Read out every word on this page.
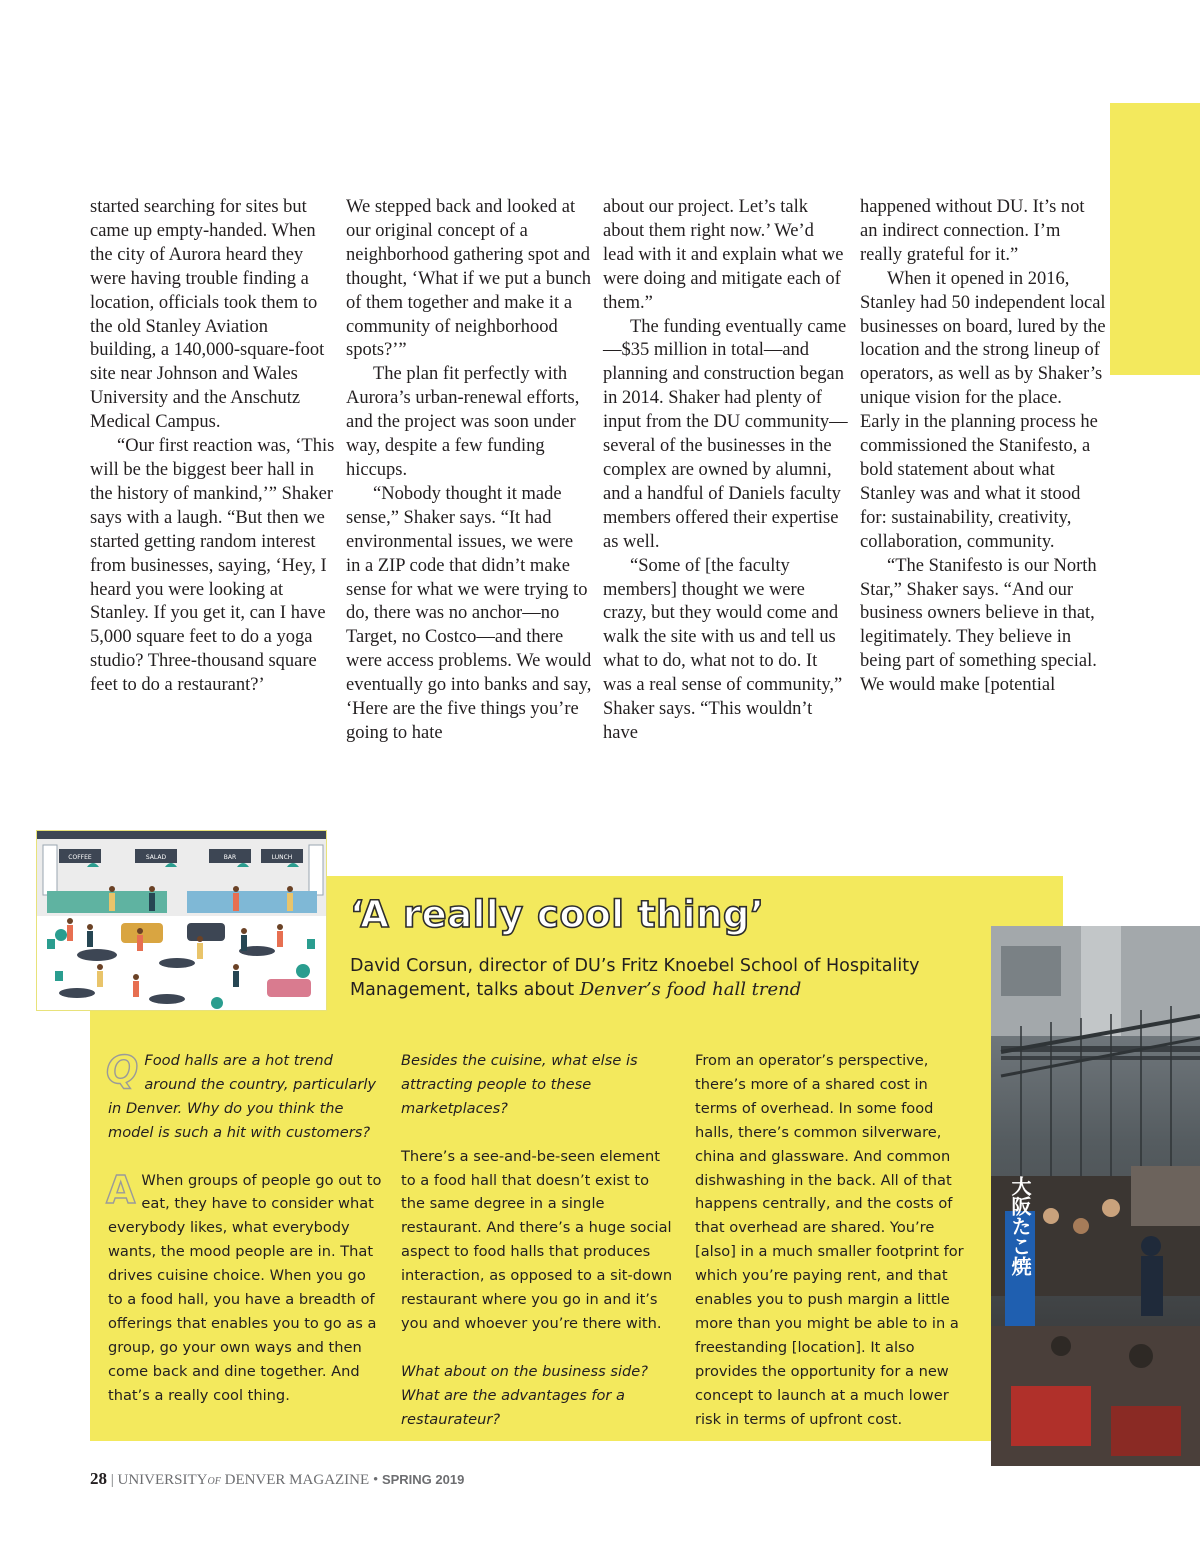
started searching for sites but came up empty-handed. When the city of Aurora heard they were having trouble finding a location, officials took them to the old Stanley Aviation building, a 140,000-square-foot site near Johnson and Wales University and the Anschutz Medical Campus.

“Our first reaction was, ‘This will be the biggest beer hall in the history of mankind,’” Shaker says with a laugh. “But then we started getting random interest from businesses, saying, ‘Hey, I heard you were looking at Stanley. If you get it, can I have 5,000 square feet to do a yoga studio? Three-thousand square feet to do a restaurant?’

We stepped back and looked at our original concept of a neighborhood gathering spot and thought, ‘What if we put a bunch of them together and make it a community of neighborhood spots?’”

The plan fit perfectly with Aurora’s urban-renewal efforts, and the project was soon under way, despite a few funding hiccups.

“Nobody thought it made sense,” Shaker says. “It had environmental issues, we were in a ZIP code that didn’t make sense for what we were trying to do, there was no anchor—no Target, no Costco—and there were access problems. We would eventually go into banks and say, ‘Here are the five things you’re going to hate

about our project. Let’s talk about them right now.’ We’d lead with it and explain what we were doing and mitigate each of them.”

The funding eventually came—$35 million in total—and planning and construction began in 2014. Shaker had plenty of input from the DU community—several of the businesses in the complex are owned by alumni, and a handful of Daniels faculty members offered their expertise as well.

“Some of [the faculty members] thought we were crazy, but they would come and walk the site with us and tell us what to do, what not to do. It was a real sense of community,” Shaker says. “This wouldn’t have

happened without DU. It’s not an indirect connection. I’m really grateful for it.”

When it opened in 2016, Stanley had 50 independent local businesses on board, lured by the location and the strong lineup of operators, as well as by Shaker’s unique vision for the place. Early in the planning process he commissioned the Stanifesto, a bold statement about what Stanley was and what it stood for: sustainability, creativity, collaboration, community.

“The Stanifesto is our North Star,” Shaker says. “And our business owners believe in that, legitimately. They believe in being part of something special. We would make [potential

COFFEE	SALAD	BAR	LUNCH
‘A really cool thing’
David Corsun, director of DU’s Fritz Knoebel School of Hospitality Management, talks about Denver’s food hall trend

Q Food halls are a hot trend around the country, particularly in Denver. Why do you think the model is such a hit with customers?

A When groups of people go out to eat, they have to consider what everybody likes, what everybody wants, the mood people are in. That drives cuisine choice. When you go to a food hall, you have a breadth of offerings that enables you to go as a group, go your own ways and then come back and dine together. And that’s a really cool thing.

Besides the cuisine, what else is attracting people to these marketplaces?

There’s a see-and-be-seen element to a food hall that doesn’t exist to the same degree in a single restaurant. And there’s a huge social aspect to food halls that produces interaction, as opposed to a sit-down restaurant where you go in and it’s you and whoever you’re there with.

What about on the business side? What are the advantages for a restaurateur?

From an operator’s perspective, there’s more of a shared cost in terms of overhead. In some food halls, there’s common silverware, china and glassware. And common dishwashing in the back. All of that happens centrally, and the costs of that overhead are shared. You’re [also] in a much smaller footprint for which you’re paying rent, and that enables you to push margin a little more than you might be able to in a freestanding [location]. It also provides the opportunity for a new concept to launch at a much lower risk in terms of upfront cost.

大阪たこ焼
28 | UNIVERSITYOF DENVER MAGAZINE • SPRING 2019
